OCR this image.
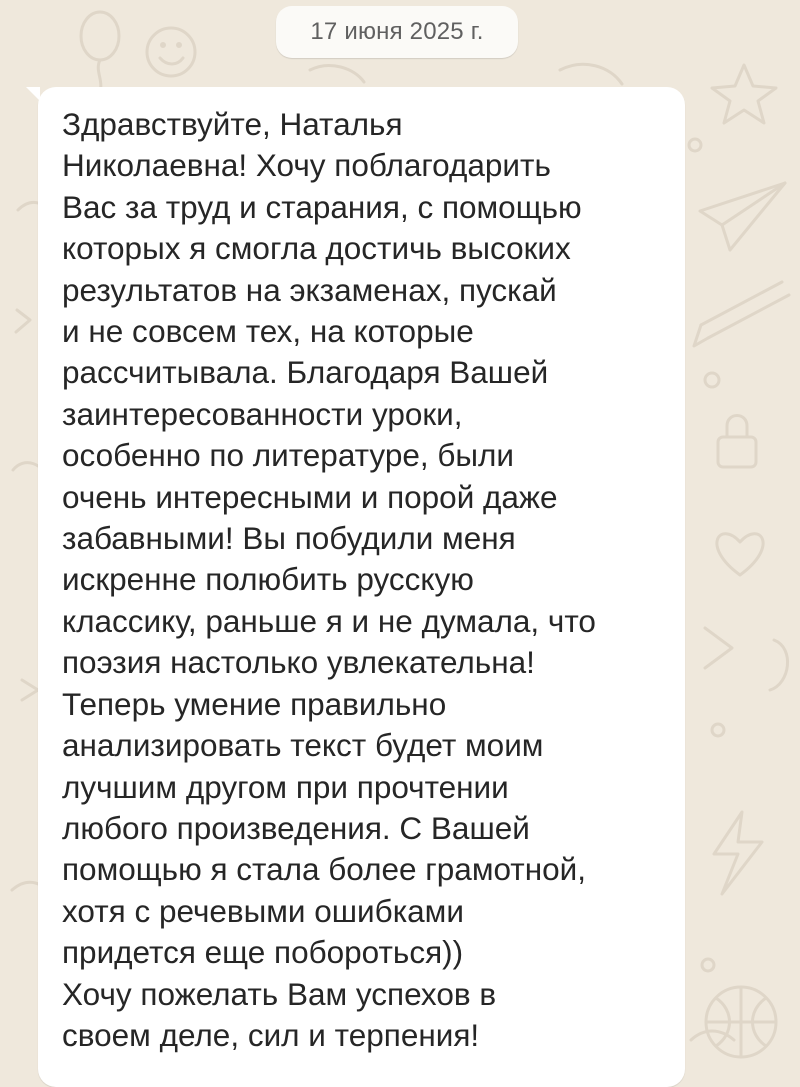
17 июня 2025 г.

Здравствуйте, Наталья
Николаевна! Хочу поблагодарить
Вас за труд и старания, с помощью
которых я смогла достичь высоких
результатов на экзаменах, пускай
и не совсем тех, на которые
рассчитывала. Благодаря Вашей
заинтересованности уроки,
особенно по литературе, были
очень интересными и порой даже
забавными! Вы побудили меня
искренне полюбить русскую
классику, раньше я и не думала, что
поэзия настолько увлекательна!
Теперь умение правильно
анализировать текст будет моим
лучшим другом при прочтении
любого произведения. С Вашей
помощью я стала более грамотной,
хотя с речевыми ошибками
придется еще побороться))
Хочу пожелать Вам успехов в
своем деле, сил и терпения!
